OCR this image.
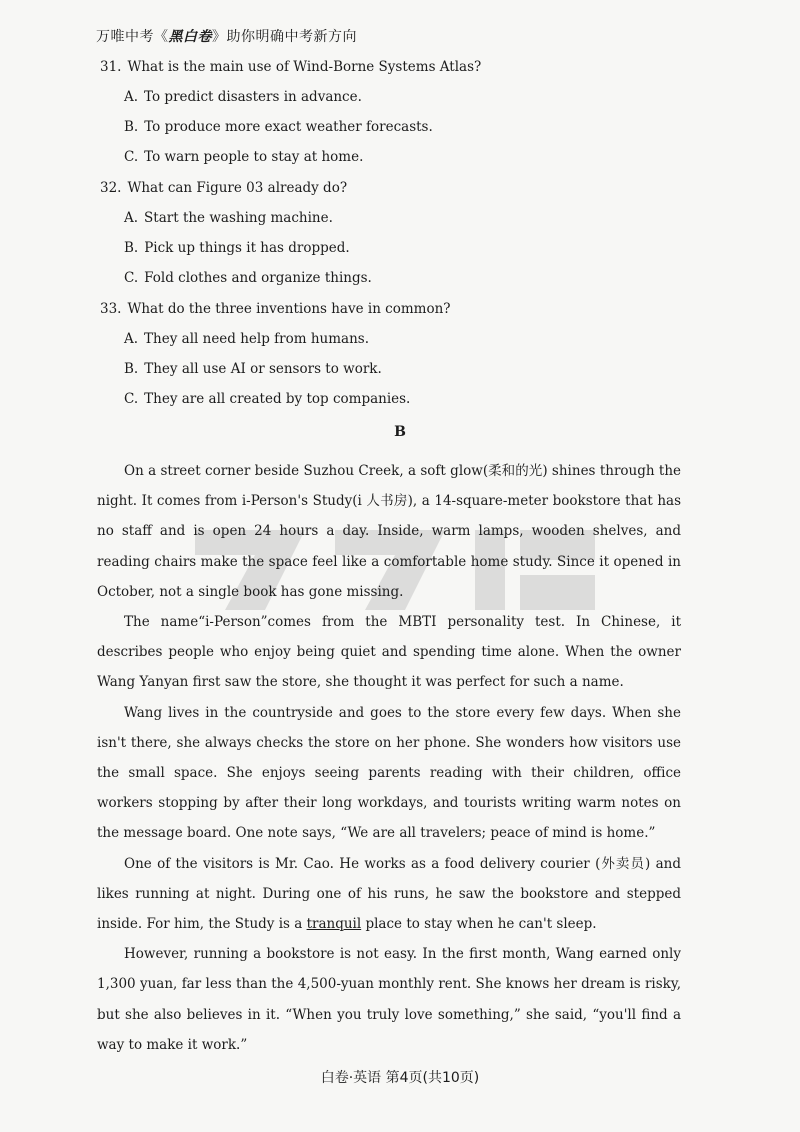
万唯中考《黑白卷》助你明确中考新方向
31. What is the main use of Wind-Borne Systems Atlas?
A. To predict disasters in advance.
B. To produce more exact weather forecasts.
C. To warn people to stay at home.
32. What can Figure 03 already do?
A. Start the washing machine.
B. Pick up things it has dropped.
C. Fold clothes and organize things.
33. What do the three inventions have in common?
A. They all need help from humans.
B. They all use AI or sensors to work.
C. They are all created by top companies.
B

On a street corner beside Suzhou Creek, a soft glow(柔和的光) shines through the night. It comes from i-Person's Study(i 人书房), a 14-square-meter bookstore that has no staff and is open 24 hours a day. Inside, warm lamps, wooden shelves, and reading chairs make the space feel like a comfortable home study. Since it opened in October, not a single book has gone missing.

The name“i-Person”comes from the MBTI personality test. In Chinese, it describes people who enjoy being quiet and spending time alone. When the owner Wang Yanyan first saw the store, she thought it was perfect for such a name.

Wang lives in the countryside and goes to the store every few days. When she isn't there, she always checks the store on her phone. She wonders how visitors use the small space. She enjoys seeing parents reading with their children, office workers stopping by after their long workdays, and tourists writing warm notes on the message board. One note says, “We are all travelers; peace of mind is home.”

One of the visitors is Mr. Cao. He works as a food delivery courier (外卖员) and likes running at night. During one of his runs, he saw the bookstore and stepped inside. For him, the Study is a tranquil place to stay when he can't sleep.

However, running a bookstore is not easy. In the first month, Wang earned only 1,300 yuan, far less than the 4,500-yuan monthly rent. She knows her dream is risky, but she also believes in it. “When you truly love something,” she said, “you'll find a way to make it work.”

白卷·英语 第4页(共10页)
